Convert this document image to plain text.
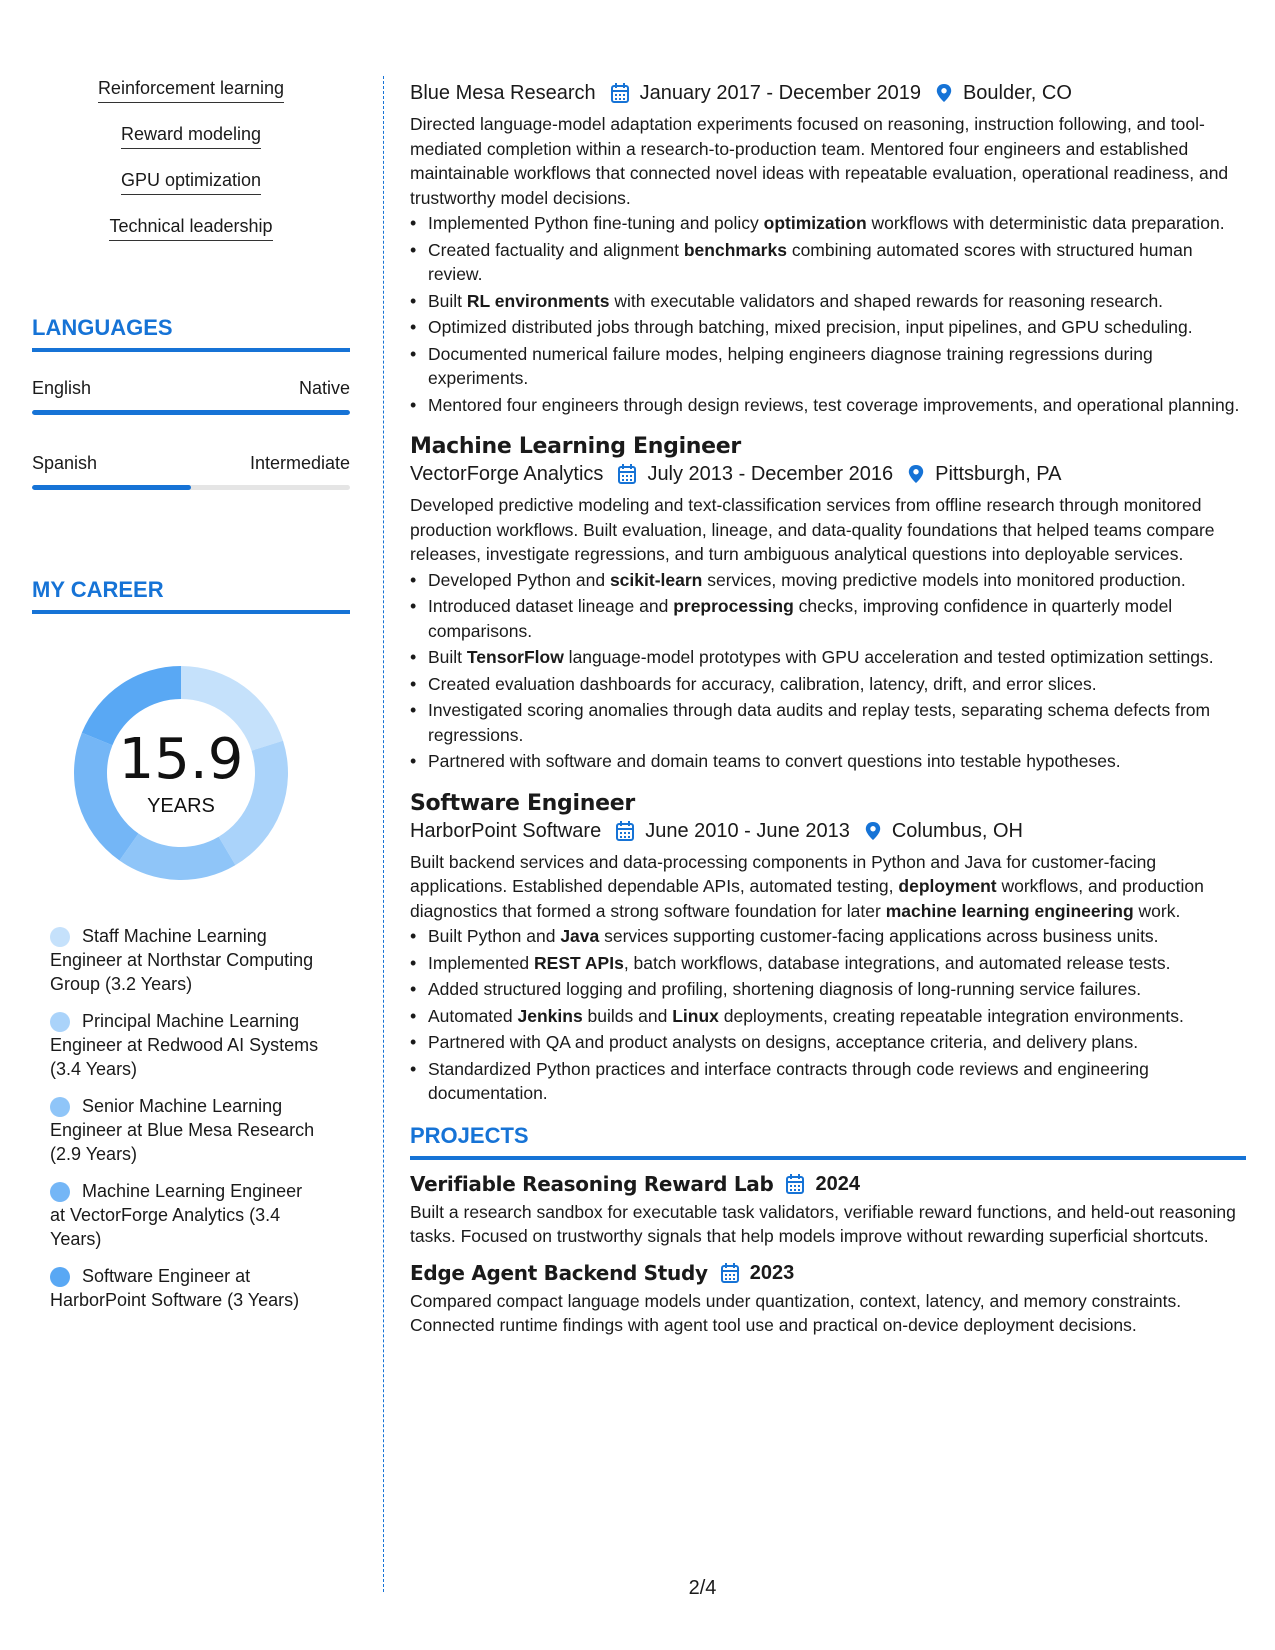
Reinforcement learning
Reward modeling
GPU optimization
Technical leadership
LANGUAGES
English	Native
Spanish	Intermediate
MY CAREER
15.9
YEARS
Staff Machine Learning Engineer at Northstar Computing Group (3.2 Years)
Principal Machine Learning Engineer at Redwood AI Systems (3.4 Years)
Senior Machine Learning Engineer at Blue Mesa Research (2.9 Years)
Machine Learning Engineer at VectorForge Analytics (3.4 Years)
Software Engineer at HarborPoint Software (3 Years)
Blue Mesa Research January 2017 - December 2019 Boulder, CO
Directed language-model adaptation experiments focused on reasoning, instruction following, and tool-mediated completion within a research-to-production team. Mentored four engineers and established maintainable workflows that connected novel ideas with repeatable evaluation, operational readiness, and trustworthy model decisions.
• Implemented Python fine-tuning and policy optimization workflows with deterministic data preparation.
• Created factuality and alignment benchmarks combining automated scores with structured human review.
• Built RL environments with executable validators and shaped rewards for reasoning research.
• Optimized distributed jobs through batching, mixed precision, input pipelines, and GPU scheduling.
• Documented numerical failure modes, helping engineers diagnose training regressions during experiments.
• Mentored four engineers through design reviews, test coverage improvements, and operational planning.
Machine Learning Engineer
VectorForge Analytics July 2013 - December 2016 Pittsburgh, PA
Developed predictive modeling and text-classification services from offline research through monitored production workflows. Built evaluation, lineage, and data-quality foundations that helped teams compare releases, investigate regressions, and turn ambiguous analytical questions into deployable services.
• Developed Python and scikit-learn services, moving predictive models into monitored production.
• Introduced dataset lineage and preprocessing checks, improving confidence in quarterly model comparisons.
• Built TensorFlow language-model prototypes with GPU acceleration and tested optimization settings.
• Created evaluation dashboards for accuracy, calibration, latency, drift, and error slices.
• Investigated scoring anomalies through data audits and replay tests, separating schema defects from regressions.
• Partnered with software and domain teams to convert questions into testable hypotheses.
Software Engineer
HarborPoint Software June 2010 - June 2013 Columbus, OH
Built backend services and data-processing components in Python and Java for customer-facing applications. Established dependable APIs, automated testing, deployment workflows, and production diagnostics that formed a strong software foundation for later machine learning engineering work.
• Built Python and Java services supporting customer-facing applications across business units.
• Implemented REST APIs, batch workflows, database integrations, and automated release tests.
• Added structured logging and profiling, shortening diagnosis of long-running service failures.
• Automated Jenkins builds and Linux deployments, creating repeatable integration environments.
• Partnered with QA and product analysts on designs, acceptance criteria, and delivery plans.
• Standardized Python practices and interface contracts through code reviews and engineering documentation.
PROJECTS
Verifiable Reasoning Reward Lab 2024
Built a research sandbox for executable task validators, verifiable reward functions, and held-out reasoning tasks. Focused on trustworthy signals that help models improve without rewarding superficial shortcuts.
Edge Agent Backend Study 2023
Compared compact language models under quantization, context, latency, and memory constraints. Connected runtime findings with agent tool use and practical on-device deployment decisions.
2/4
